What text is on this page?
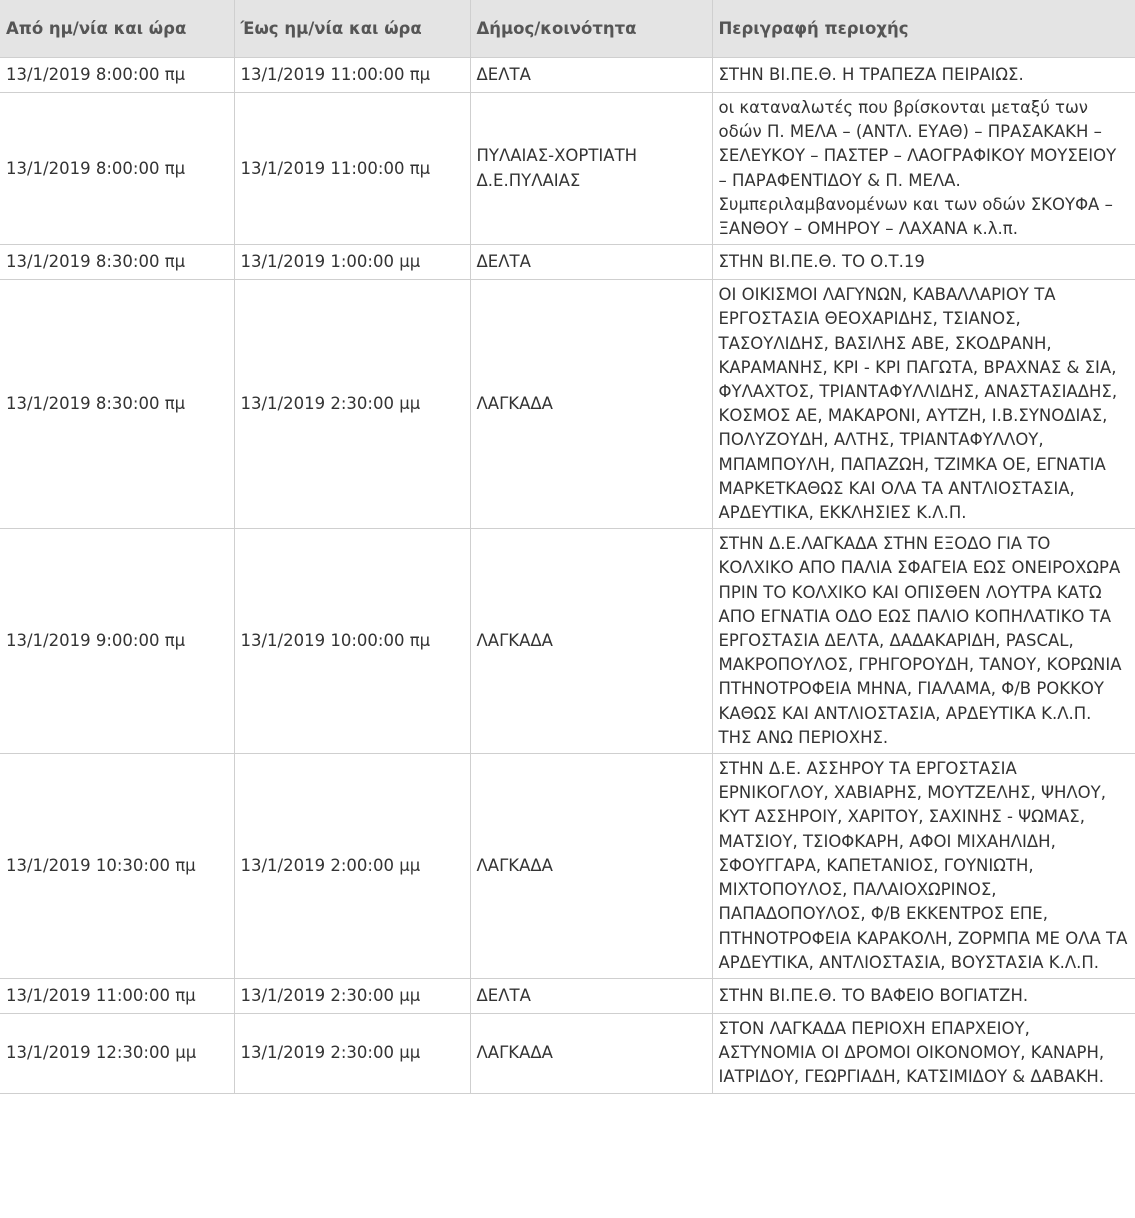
Από ημ/νία και ώρα	Έως ημ/νία και ώρα	Δήμος/κοινότητα	Περιγραφή περιοχής
13/1/2019 8:00:00 πμ	13/1/2019 11:00:00 πμ	ΔΕΛΤΑ	ΣΤΗΝ ΒΙ.ΠΕ.Θ. Η ΤΡΑΠΕΖΑ ΠΕΙΡΑΙΩΣ.
13/1/2019 8:00:00 πμ	13/1/2019 11:00:00 πμ	ΠΥΛΑΙΑΣ-ΧΟΡΤΙΑΤΗ Δ.Ε.ΠΥΛΑΙΑΣ	οι καταναλωτές που βρίσκονται μεταξύ των οδών Π. ΜΕΛΑ – (ΑΝΤΛ. ΕΥΑΘ) – ΠΡΑΣΑΚΑΚΗ – ΣΕΛΕΥΚΟΥ – ΠΑΣΤΕΡ – ΛΑΟΓΡΑΦΙΚΟΥ ΜΟΥΣΕΙΟΥ – ΠΑΡΑΦΕΝΤΙΔΟΥ & Π. ΜΕΛΑ. Συμπεριλαμβανομένων και των οδών ΣΚΟΥΦΑ – ΞΑΝΘΟΥ – ΟΜΗΡΟΥ – ΛΑΧΑΝΑ κ.λ.π.
13/1/2019 8:30:00 πμ	13/1/2019 1:00:00 μμ	ΔΕΛΤΑ	ΣΤΗΝ ΒΙ.ΠΕ.Θ. ΤΟ Ο.Τ.19
13/1/2019 8:30:00 πμ	13/1/2019 2:30:00 μμ	ΛΑΓΚΑΔΑ	ΟΙ ΟΙΚΙΣΜΟΙ ΛΑΓΥΝΩΝ, ΚΑΒΑΛΛΑΡΙΟΥ ΤΑ ΕΡΓΟΣΤΑΣΙΑ ΘΕΟΧΑΡΙΔΗΣ, ΤΣΙΑΝΟΣ, ΤΑΣΟΥΛΙΔΗΣ, ΒΑΣΙΛΗΣ ΑΒΕ, ΣΚΟΔΡΑΝΗ, ΚΑΡΑΜΑΝΗΣ, ΚΡΙ - ΚΡΙ ΠΑΓΩΤΑ, ΒΡΑΧΝΑΣ & ΣΙΑ, ΦΥΛΑΧΤΟΣ, ΤΡΙΑΝΤΑΦΥΛΛΙΔΗΣ, ΑΝΑΣΤΑΣΙΑΔΗΣ, ΚΟΣΜΟΣ ΑΕ, ΜΑΚΑΡΟΝΙ, ΑΥΤΖΗ, Ι.Β.ΣΥΝΟΔΙΑΣ, ΠΟΛΥΖΟΥΔΗ, ΑΛΤΗΣ, ΤΡΙΑΝΤΑΦΥΛΛΟΥ, ΜΠΑΜΠΟΥΛΗ, ΠΑΠΑΖΩΗ, ΤΖΙΜΚΑ ΟΕ, ΕΓΝΑΤΙΑ ΜΑΡΚΕΤΚΑΘΩΣ ΚΑΙ ΟΛΑ ΤΑ ΑΝΤΛΙΟΣΤΑΣΙΑ, ΑΡΔΕΥΤΙΚΑ, ΕΚΚΛΗΣΙΕΣ Κ.Λ.Π.
13/1/2019 9:00:00 πμ	13/1/2019 10:00:00 πμ	ΛΑΓΚΑΔΑ	ΣΤΗΝ Δ.Ε.ΛΑΓΚΑΔΑ ΣΤΗΝ ΕΞΟΔΟ ΓΙΑ ΤΟ ΚΟΛΧΙΚΟ ΑΠΟ ΠΑΛΙΑ ΣΦΑΓΕΙΑ ΕΩΣ ΟΝΕΙΡΟΧΩΡΑ ΠΡΙΝ ΤΟ ΚΟΛΧΙΚΟ ΚΑΙ ΟΠΙΣΘΕΝ ΛΟΥΤΡΑ ΚΑΤΩ ΑΠΟ ΕΓΝΑΤΙΑ ΟΔΟ ΕΩΣ ΠΑΛΙΟ ΚΟΠΗΛΑΤΙΚΟ ΤΑ ΕΡΓΟΣΤΑΣΙΑ ΔΕΛΤΑ, ΔΑΔΑΚΑΡΙΔΗ, PASCAL, ΜΑΚΡΟΠΟΥΛΟΣ, ΓΡΗΓΟΡΟΥΔΗ, ΤΑΝΟΥ, ΚΟΡΩΝΙΑ ΠΤΗΝΟΤΡΟΦΕΙΑ ΜΗΝΑ, ΓΙΑΛΑΜΑ, Φ/Β ΡΟΚΚΟΥ ΚΑΘΩΣ ΚΑΙ ΑΝΤΛΙΟΣΤΑΣΙΑ, ΑΡΔΕΥΤΙΚΑ Κ.Λ.Π. ΤΗΣ ΑΝΩ ΠΕΡΙΟΧΗΣ.
13/1/2019 10:30:00 πμ	13/1/2019 2:00:00 μμ	ΛΑΓΚΑΔΑ	ΣΤΗΝ Δ.Ε. ΑΣΣΗΡΟΥ ΤΑ ΕΡΓΟΣΤΑΣΙΑ ΕΡΝΙΚΟΓΛΟΥ, ΧΑΒΙΑΡΗΣ, ΜΟΥΤΖΕΛΗΣ, ΨΗΛΟΥ, ΚΥΤ ΑΣΣΗΡΟΙΥ, ΧΑΡΙΤΟΥ, ΣΑΧΙΝΗΣ - ΨΩΜΑΣ, ΜΑΤΣΙΟΥ, ΤΣΙΟΦΚΑΡΗ, ΑΦΟΙ ΜΙΧΑΗΛΙΔΗ, ΣΦΟΥΓΓΑΡΑ, ΚΑΠΕΤΑΝΙΟΣ, ΓΟΥΝΙΩΤΗ, ΜΙΧΤΟΠΟΥΛΟΣ, ΠΑΛΑΙΟΧΩΡΙΝΟΣ, ΠΑΠΑΔΟΠΟΥΛΟΣ, Φ/Β ΕΚΚΕΝΤΡΟΣ ΕΠΕ, ΠΤΗΝΟΤΡΟΦΕΙΑ ΚΑΡΑΚΟΛΗ, ΖΟΡΜΠΑ ΜΕ ΟΛΑ ΤΑ ΑΡΔΕΥΤΙΚΑ, ΑΝΤΛΙΟΣΤΑΣΙΑ, ΒΟΥΣΤΑΣΙΑ Κ.Λ.Π.
13/1/2019 11:00:00 πμ	13/1/2019 2:30:00 μμ	ΔΕΛΤΑ	ΣΤΗΝ ΒΙ.ΠΕ.Θ. ΤΟ ΒΑΦΕΙΟ ΒΟΓΙΑΤΖΗ.
13/1/2019 12:30:00 μμ	13/1/2019 2:30:00 μμ	ΛΑΓΚΑΔΑ	ΣΤΟΝ ΛΑΓΚΑΔΑ ΠΕΡΙΟΧΗ ΕΠΑΡΧΕΙΟΥ, ΑΣΤΥΝΟΜΙΑ ΟΙ ΔΡΟΜΟΙ ΟΙΚΟΝΟΜΟΥ, ΚΑΝΑΡΗ, ΙΑΤΡΙΔΟΥ, ΓΕΩΡΓΙΑΔΗ, ΚΑΤΣΙΜΙΔΟΥ & ΔΑΒΑΚΗ.
